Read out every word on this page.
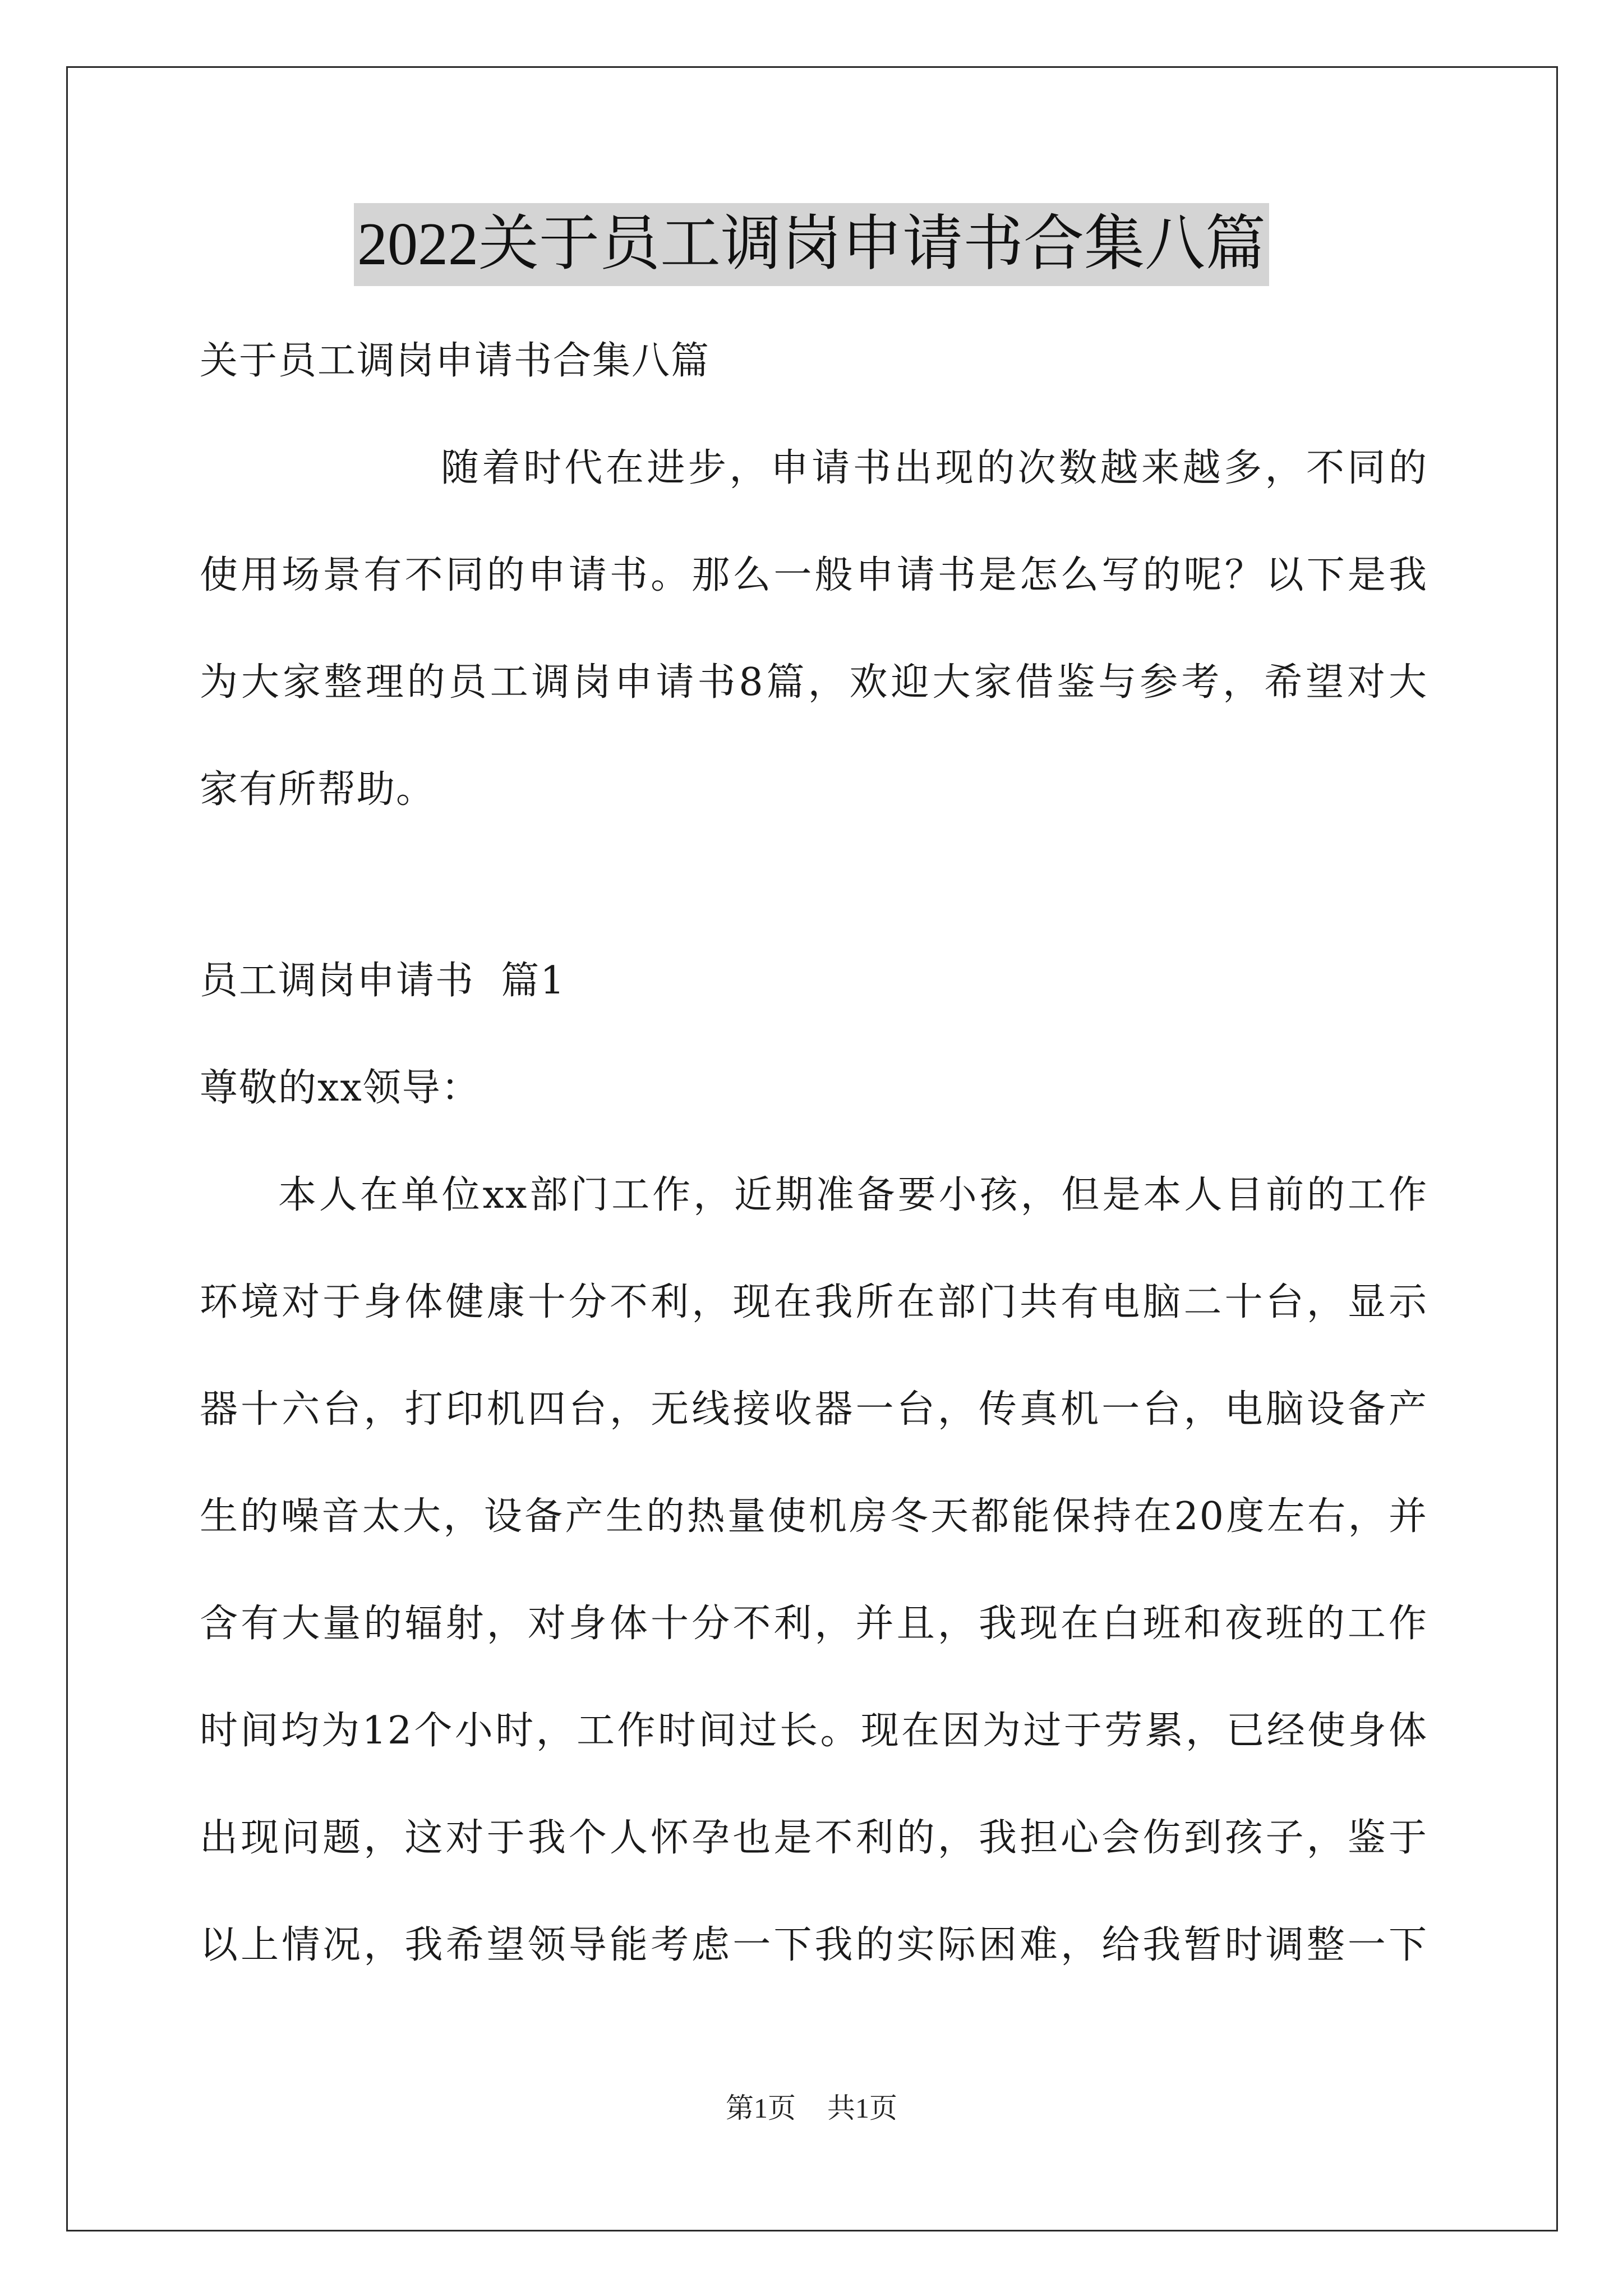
2022关于员工调岗申请书合集八篇
关于员工调岗申请书合集八篇
随着时代在进步，申请书出现的次数越来越多，不同的
使用场景有不同的申请书。那么一般申请书是怎么写的呢？以下是我
为大家整理的员工调岗申请书8篇，欢迎大家借鉴与参考，希望对大
家有所帮助。
员工调岗申请书  篇1
尊敬的xx领导：
本人在单位xx部门工作，近期准备要小孩，但是本人目前的工作
环境对于身体健康十分不利，现在我所在部门共有电脑二十台，显示
器十六台，打印机四台，无线接收器一台，传真机一台，电脑设备产
生的噪音太大，设备产生的热量使机房冬天都能保持在20度左右，并
含有大量的辐射，对身体十分不利，并且，我现在白班和夜班的工作
时间均为12个小时，工作时间过长。现在因为过于劳累，已经使身体
出现问题，这对于我个人怀孕也是不利的，我担心会伤到孩子，鉴于
以上情况，我希望领导能考虑一下我的实际困难，给我暂时调整一下
第1页 共1页
